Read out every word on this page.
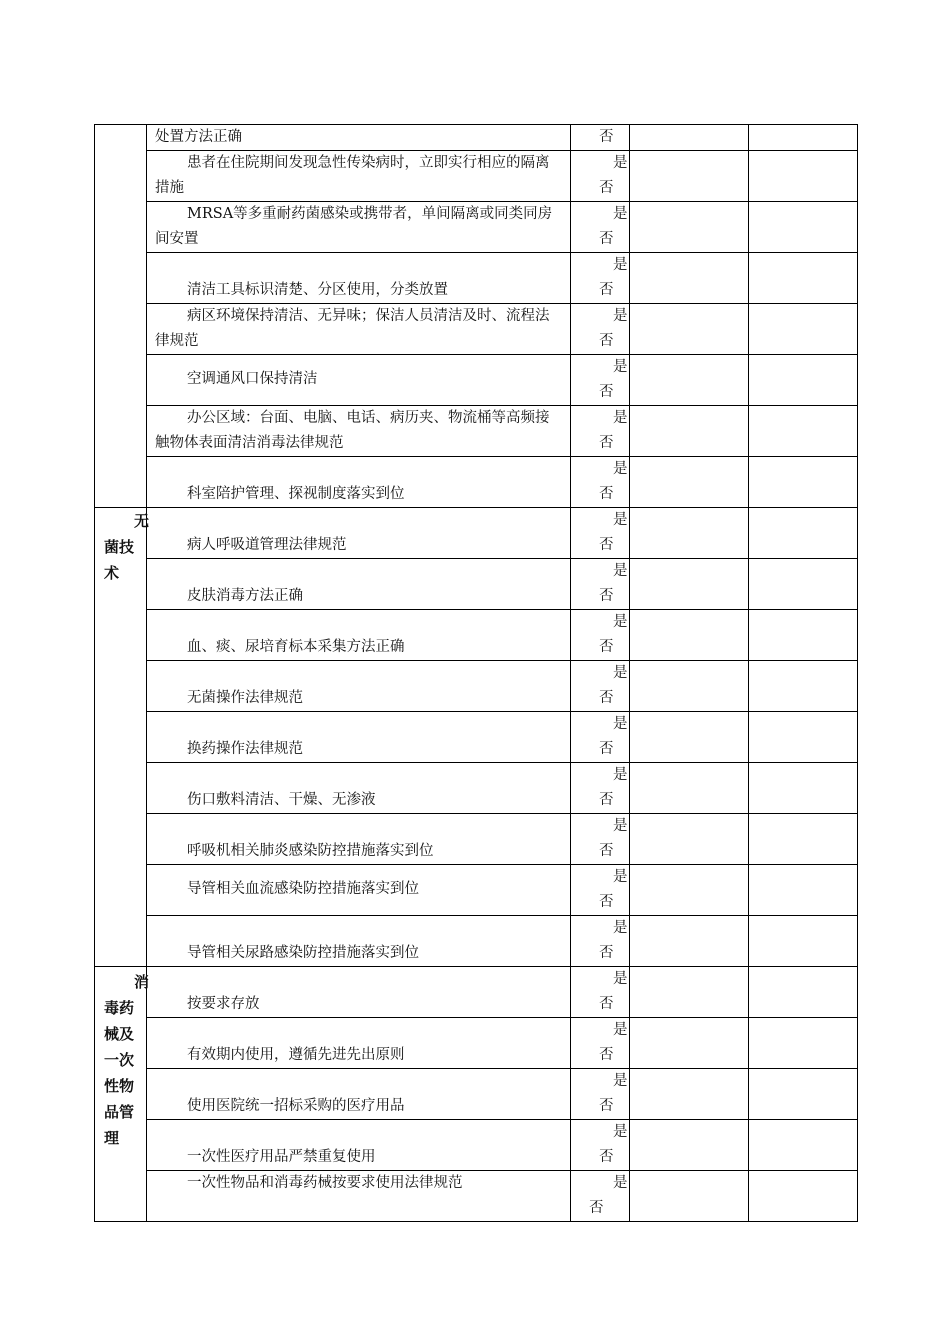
	处置方法正确	否		

	患者在住院期间发现急性传染病时，立即实行相应的隔离措施	是
否		

	MRSA等多重耐药菌感染或携带者，单间隔离或同类同房间安置	是
否		

	清洁工具标识清楚、分区使用，分类放置	是
否		

	病区环境保持清洁、无异味；保洁人员清洁及时、流程法律规范	是
否		

	空调通风口保持清洁	是
否		

	办公区域：台面、电脑、电话、病历夹、物流桶等高频接触物体表面清洁消毒法律规范	是
否		

	科室陪护管理、探视制度落实到位	是
否		

无菌技术	病人呼吸道管理法律规范	是
否		

	皮肤消毒方法正确	是
否		

	血、痰、尿培育标本采集方法正确	是
否		

	无菌操作法律规范	是
否		

	换药操作法律规范	是
否		

	伤口敷料清洁、干燥、无渗液	是
否		

	呼吸机相关肺炎感染防控措施落实到位	是
否		

	导管相关血流感染防控措施落实到位	是
否		

	导管相关尿路感染防控措施落实到位	是
否		

消毒药械及一次性物品管理	按要求存放	是
否		

	有效期内使用，遵循先进先出原则	是
否		

	使用医院统一招标采购的医疗用品	是
否		

	一次性医疗用品严禁重复使用	是
否		

	一次性物品和消毒药械按要求使用法律规范	是
否		
